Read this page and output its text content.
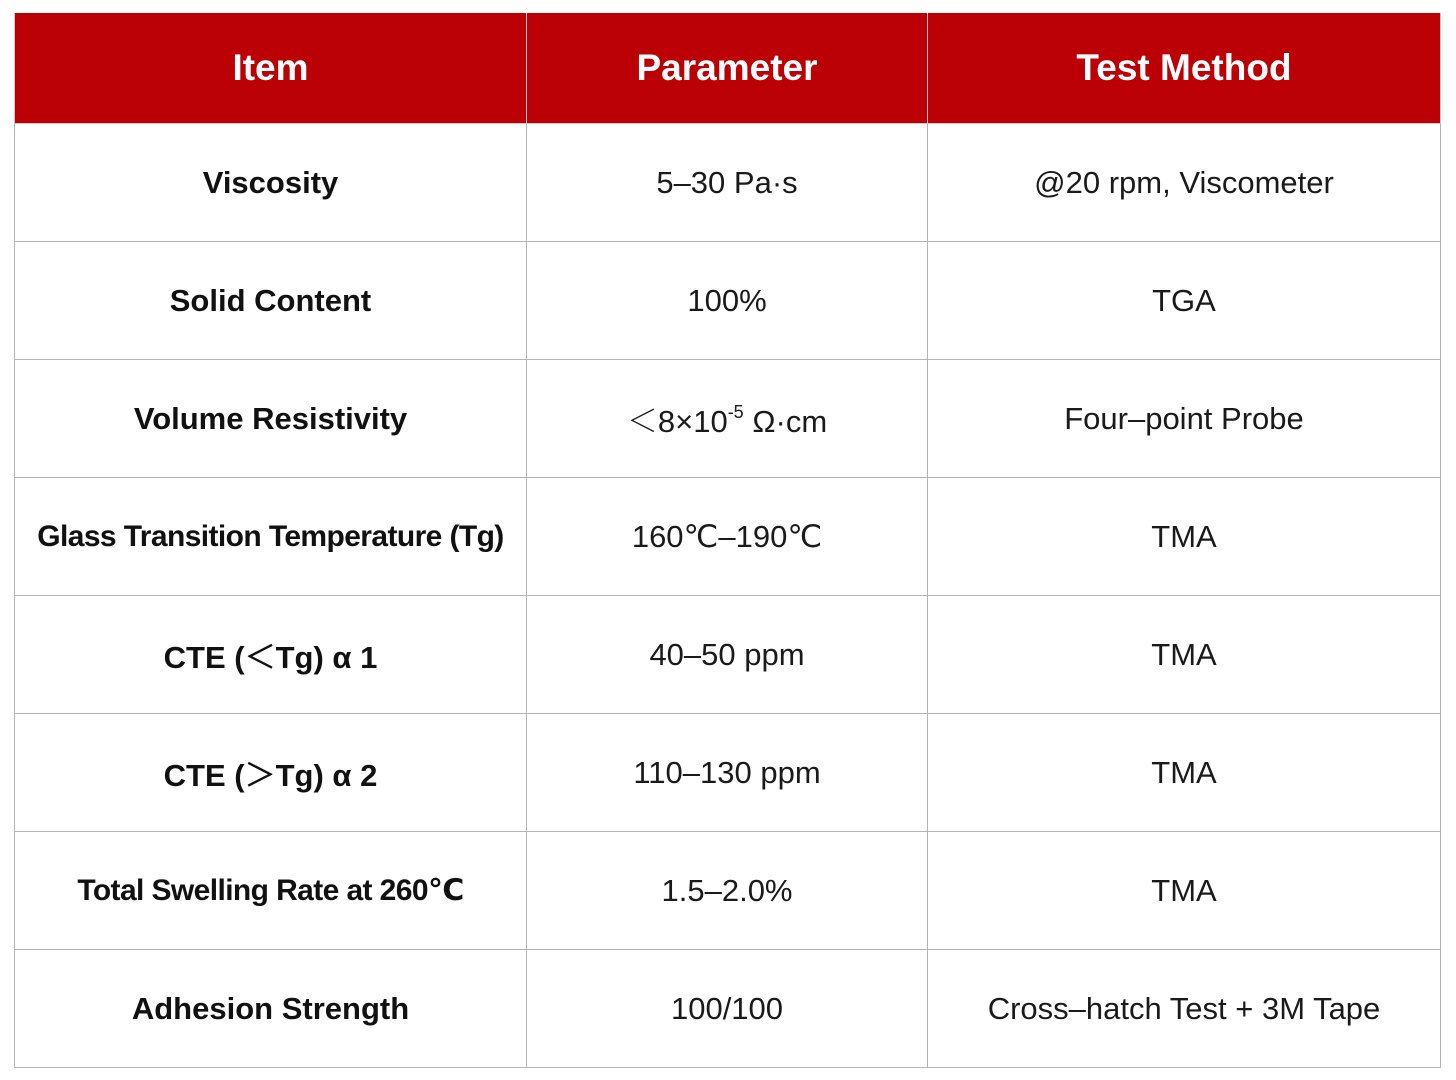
Item	Parameter	Test Method
Viscosity	5–30 Pa·s	@20 rpm, Viscometer
Solid Content	100%	TGA
Volume Resistivity	$<8\times 10^{-5}$ Ω·cm	Four–point Probe
Glass Transition Temperature (Tg)	160℃–190℃	TMA
CTE (＜Tg) α 1	40–50 ppm	TMA
CTE (＞Tg) α 2	110–130 ppm	TMA
Total Swelling Rate at 260℃	1.5–2.0%	TMA
Adhesion Strength	100/100	Cross–hatch Test + 3M Tape
